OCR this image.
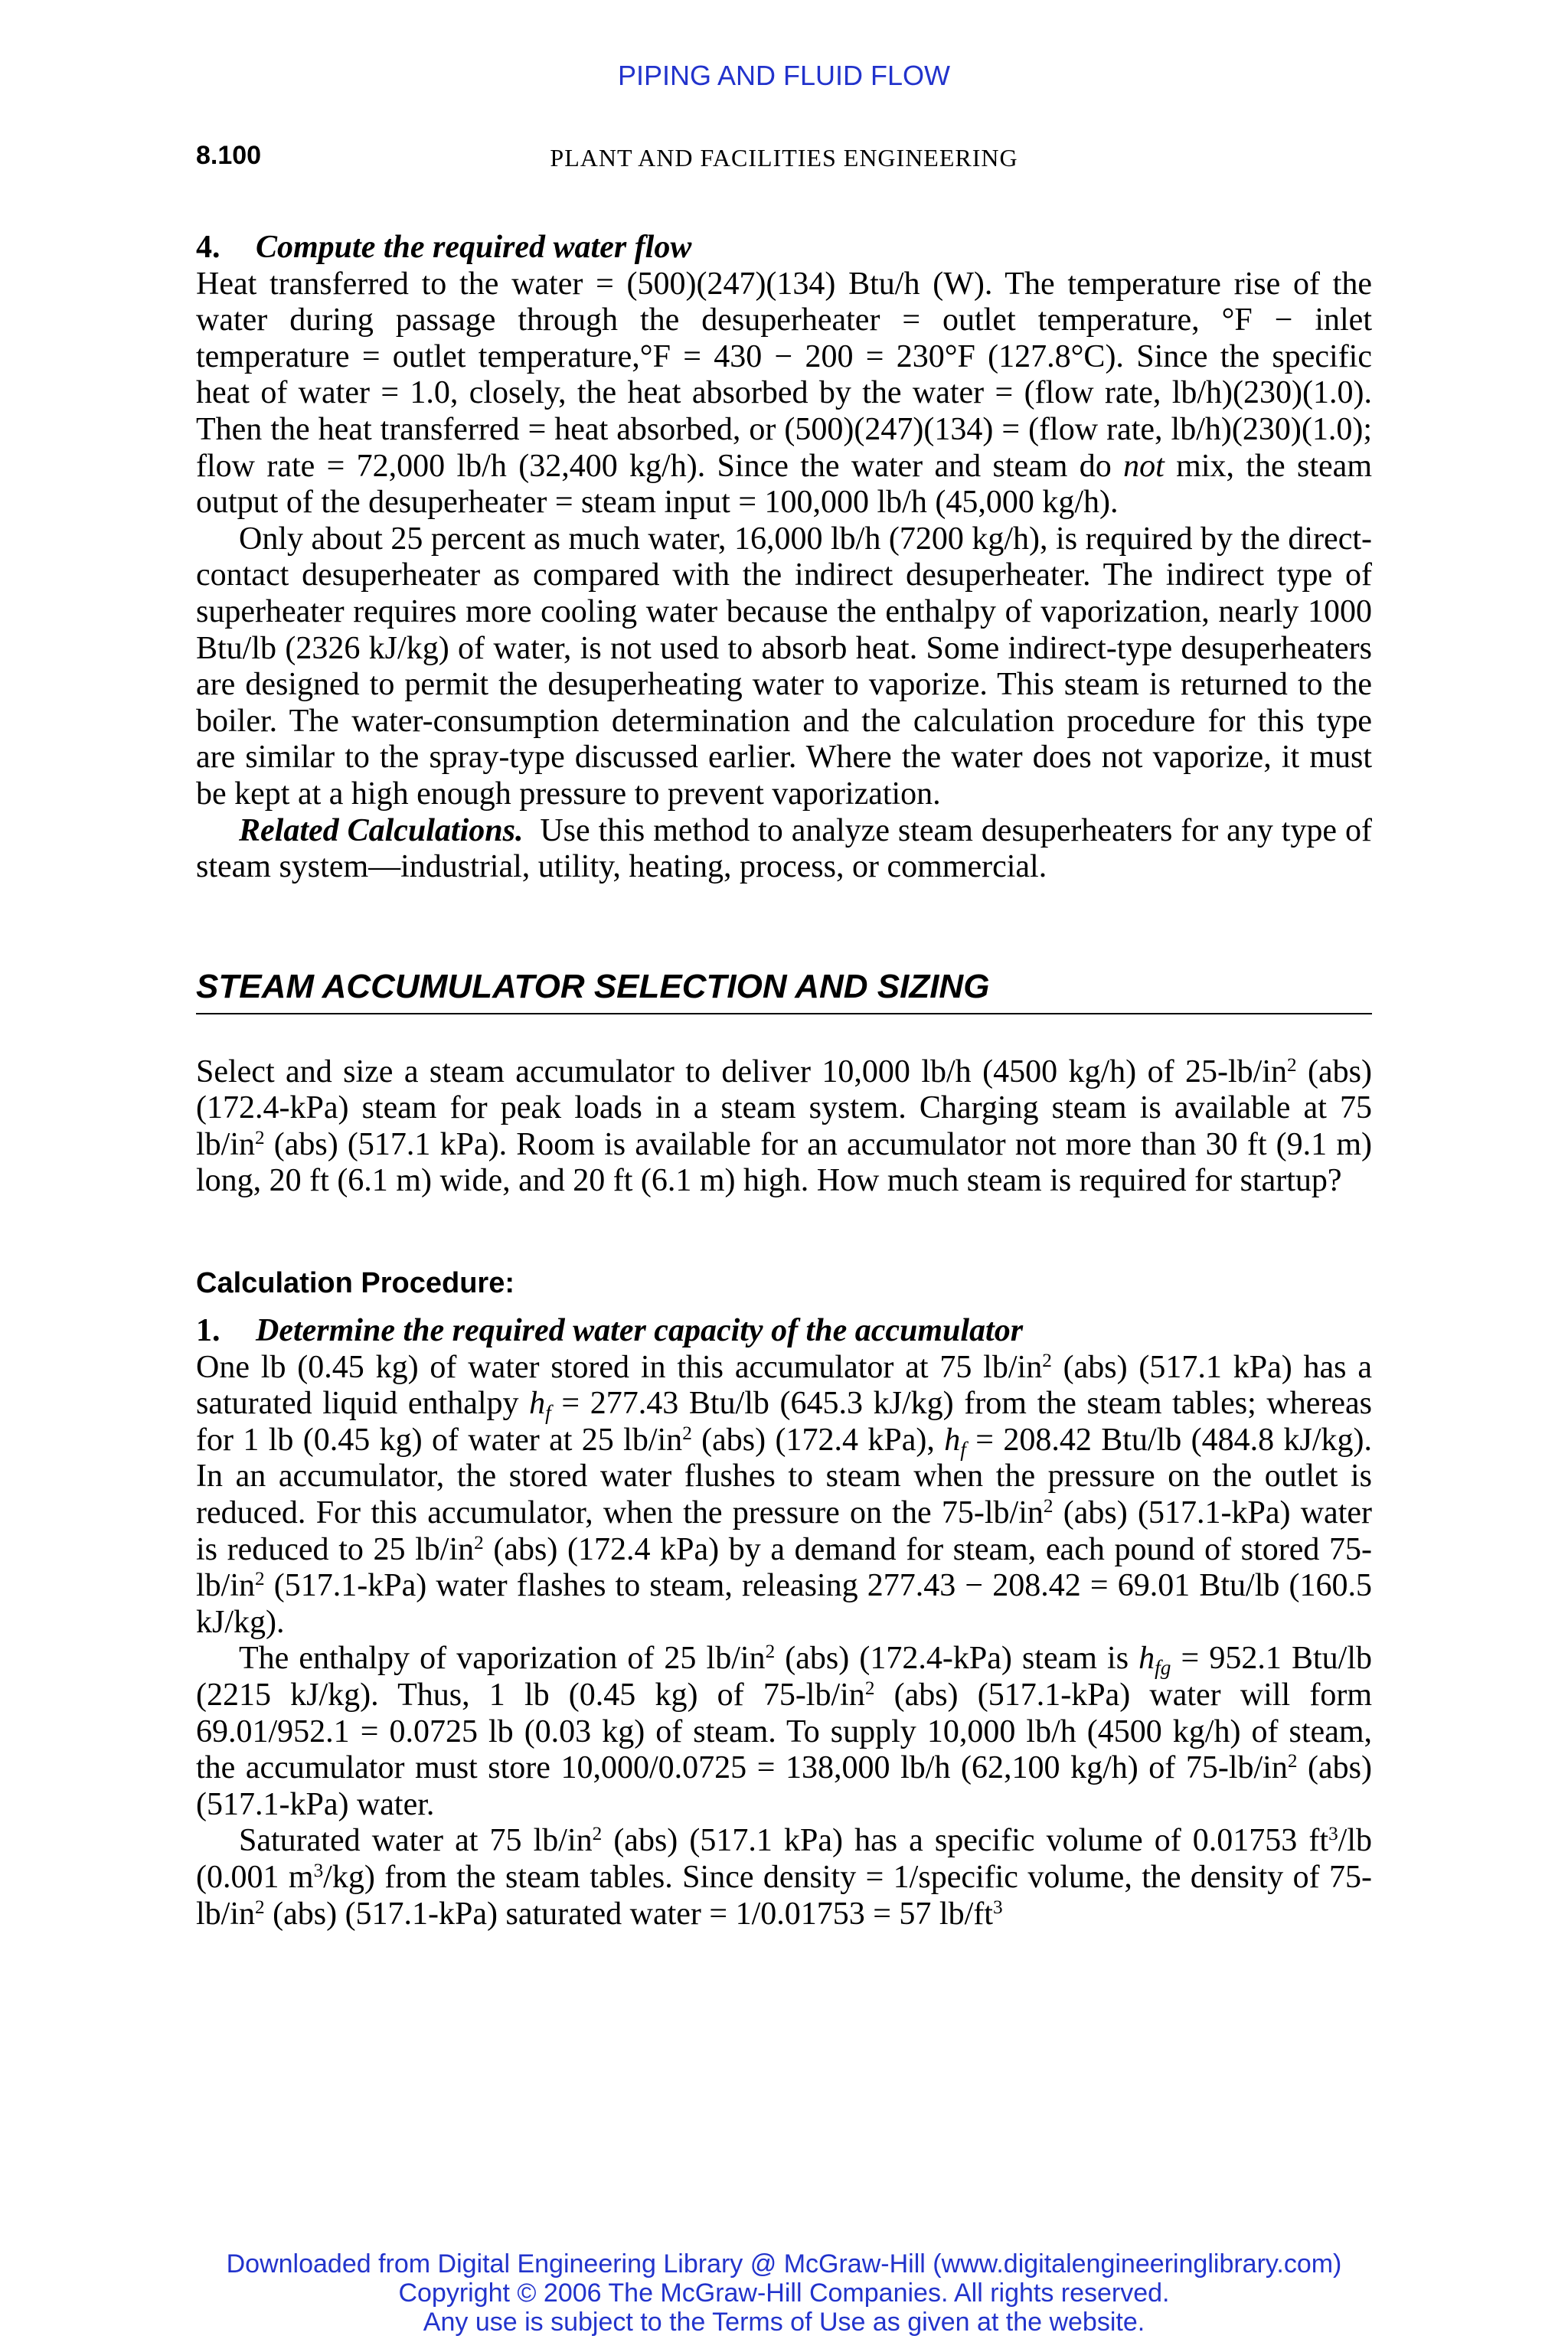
PIPING AND FLUID FLOW
8.100	PLANT AND FACILITIES ENGINEERING

4. Compute the required water flow

Heat transferred to the water = (500)(247)(134) Btu/h (W). The temperature rise of the water during passage through the desuperheater = outlet temperature, °F − inlet temperature = outlet temperature,°F = 430 − 200 = 230°F (127.8°C). Since the specific heat of water = 1.0, closely, the heat absorbed by the water = (flow rate, lb/h)(230)(1.0). Then the heat transferred = heat absorbed, or (500)(247)(134) = (flow rate, lb/h)(230)(1.0); flow rate = 72,000 lb/h (32,400 kg/h). Since the water and steam do not mix, the steam output of the desuperheater = steam input = 100,000 lb/h (45,000 kg/h).

Only about 25 percent as much water, 16,000 lb/h (7200 kg/h), is required by the direct-contact desuperheater as compared with the indirect desuperheater. The indirect type of superheater requires more cooling water because the enthalpy of vaporization, nearly 1000 Btu/lb (2326 kJ/kg) of water, is not used to absorb heat. Some indirect-type desuperheaters are designed to permit the desuperheating water to vaporize. This steam is returned to the boiler. The water-consumption determination and the calculation procedure for this type are similar to the spray-type discussed earlier. Where the water does not vaporize, it must be kept at a high enough pressure to prevent vaporization.

Related Calculations. Use this method to analyze steam desuperheaters for any type of steam system—industrial, utility, heating, process, or commercial.

STEAM ACCUMULATOR SELECTION AND SIZING

Select and size a steam accumulator to deliver 10,000 lb/h (4500 kg/h) of $25-lb/in^2$ (abs) (172.4-kPa) steam for peak loads in a steam system. Charging steam is available at 75 $lb/in^2$ (abs) (517.1 kPa). Room is available for an accumulator not more than 30 ft (9.1 m) long, 20 ft (6.1 m) wide, and 20 ft (6.1 m) high. How much steam is required for startup?

Calculation Procedure:

1. Determine the required water capacity of the accumulator

One lb (0.45 kg) of water stored in this accumulator at 75 $lb/in^2$ (abs) (517.1 kPa) has a saturated liquid enthalpy hf = 277.43 Btu/lb (645.3 kJ/kg) from the steam tables; whereas for 1 lb (0.45 kg) of water at 25 $lb/in^2$ (abs) (172.4 kPa), hf = 208.42 Btu/lb (484.8 kJ/kg). In an accumulator, the stored water flushes to steam when the pressure on the outlet is reduced. For this accumulator, when the pressure on the $75-lb/in^2$ (abs) (517.1-kPa) water is reduced to 25 $lb/in^2$ (abs) (172.4 kPa) by a demand for steam, each pound of stored $75-lb/in^2$ (517.1-kPa) water flashes to steam, releasing 277.43 − 208.42 = 69.01 Btu/lb (160.5 kJ/kg).

The enthalpy of vaporization of 25 $lb/in^2$ (abs) (172.4-kPa) steam is hfg = 952.1 Btu/lb (2215 kJ/kg). Thus, 1 lb (0.45 kg) of $75-lb/in^2$ (abs) (517.1-kPa) water will form 69.01/952.1 = 0.0725 lb (0.03 kg) of steam. To supply 10,000 lb/h (4500 kg/h) of steam, the accumulator must store 10,000/0.0725 = 138,000 lb/h (62,100 kg/h) of $75-lb/in^2$ (abs) (517.1-kPa) water.

Saturated water at 75 $lb/in^2$ (abs) (517.1 kPa) has a specific volume of 0.01753 $ft^3/lb$ (0.001 $m^3/kg$) from the steam tables. Since density = 1/specific volume, the density of $75-lb/in^2$ (abs) (517.1-kPa) saturated water = 1/0.01753 = 57 $lb/ft^3$

Downloaded from Digital Engineering Library @ McGraw-Hill (www.digitalengineeringlibrary.com)
Copyright © 2006 The McGraw-Hill Companies. All rights reserved.
Any use is subject to the Terms of Use as given at the website.
